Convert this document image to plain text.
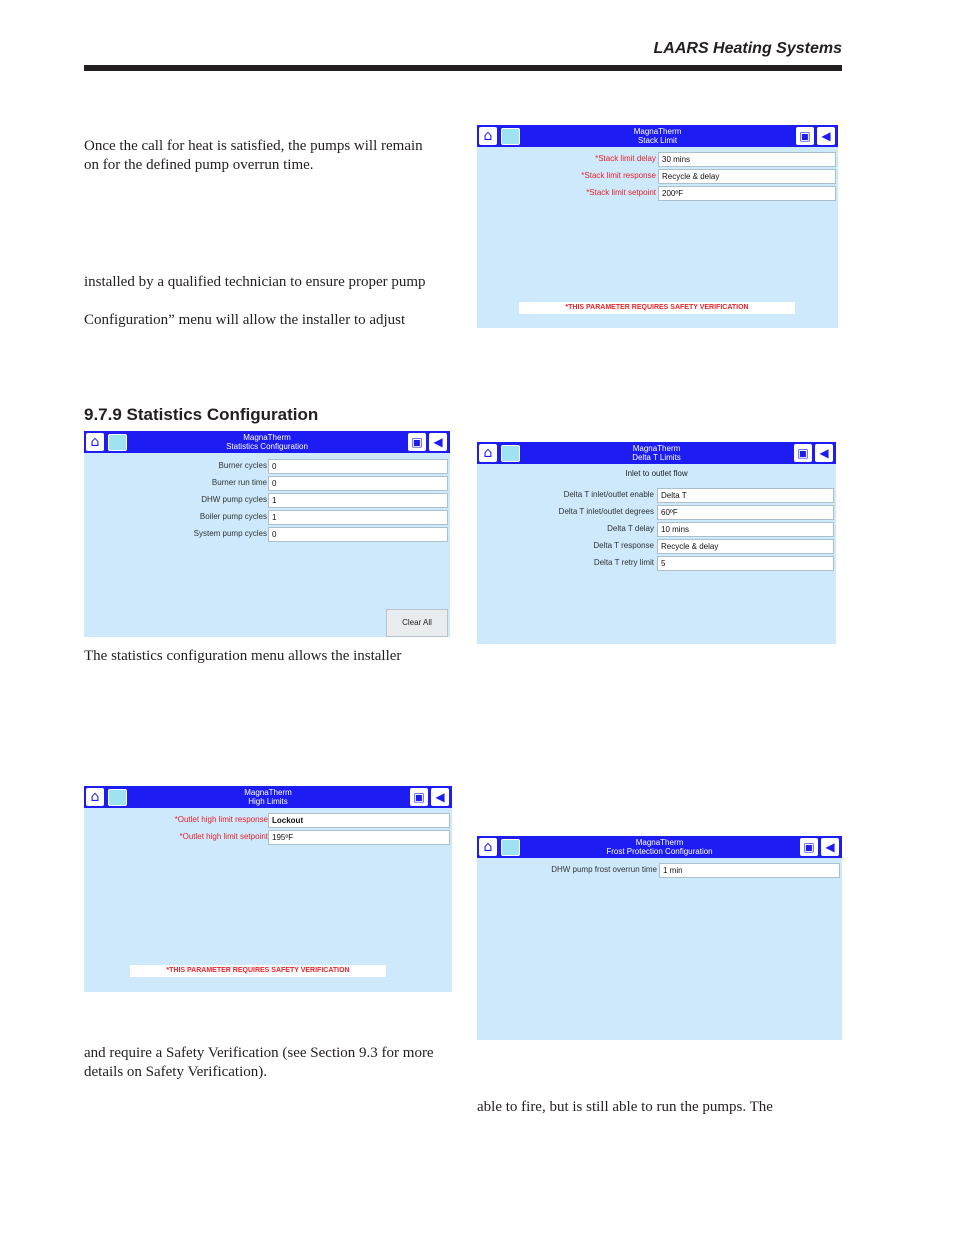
LAARS Heating Systems

Once the call for heat is satisfied, the pumps will remain

on for the defined pump overrun time.

installed by a qualified technician to ensure proper pump

Configuration” menu will allow the installer to adjust

9.7.9 Statistics Configuration

The statistics configuration menu allows the installer

and require a Safety Verification (see Section 9.3 for more

details on Safety Verification).

able to fire, but is still able to run the pumps. The

⌂	MagnaTherm
Stack Limit	▣ ◀
*Stack limit delay 30 mins
*Stack limit response Recycle & delay
*Stack limit setpoint 200ºF
*THIS PARAMETER REQUIRES SAFETY VERIFICATION
⌂	MagnaTherm
Statistics Configuration	▣ ◀
Burner cycles 0
Burner run time 0
DHW pump cycles 1
Boiler pump cycles 1
System pump cycles 0
Clear All
⌂	MagnaTherm
Delta T Limits	▣ ◀
Inlet to outlet flow
Delta T inlet/outlet enable Delta T
Delta T inlet/outlet degrees 60ºF
Delta T delay 10 mins
Delta T response Recycle & delay
Delta T retry limit 5
⌂	MagnaTherm
High Limits	▣ ◀
*Outlet high limit response Lockout
*Outlet high limit setpoint 195ºF
*THIS PARAMETER REQUIRES SAFETY VERIFICATION
⌂	MagnaTherm
Frost Protection Configuration	▣ ◀
DHW pump frost overrun time 1 min
